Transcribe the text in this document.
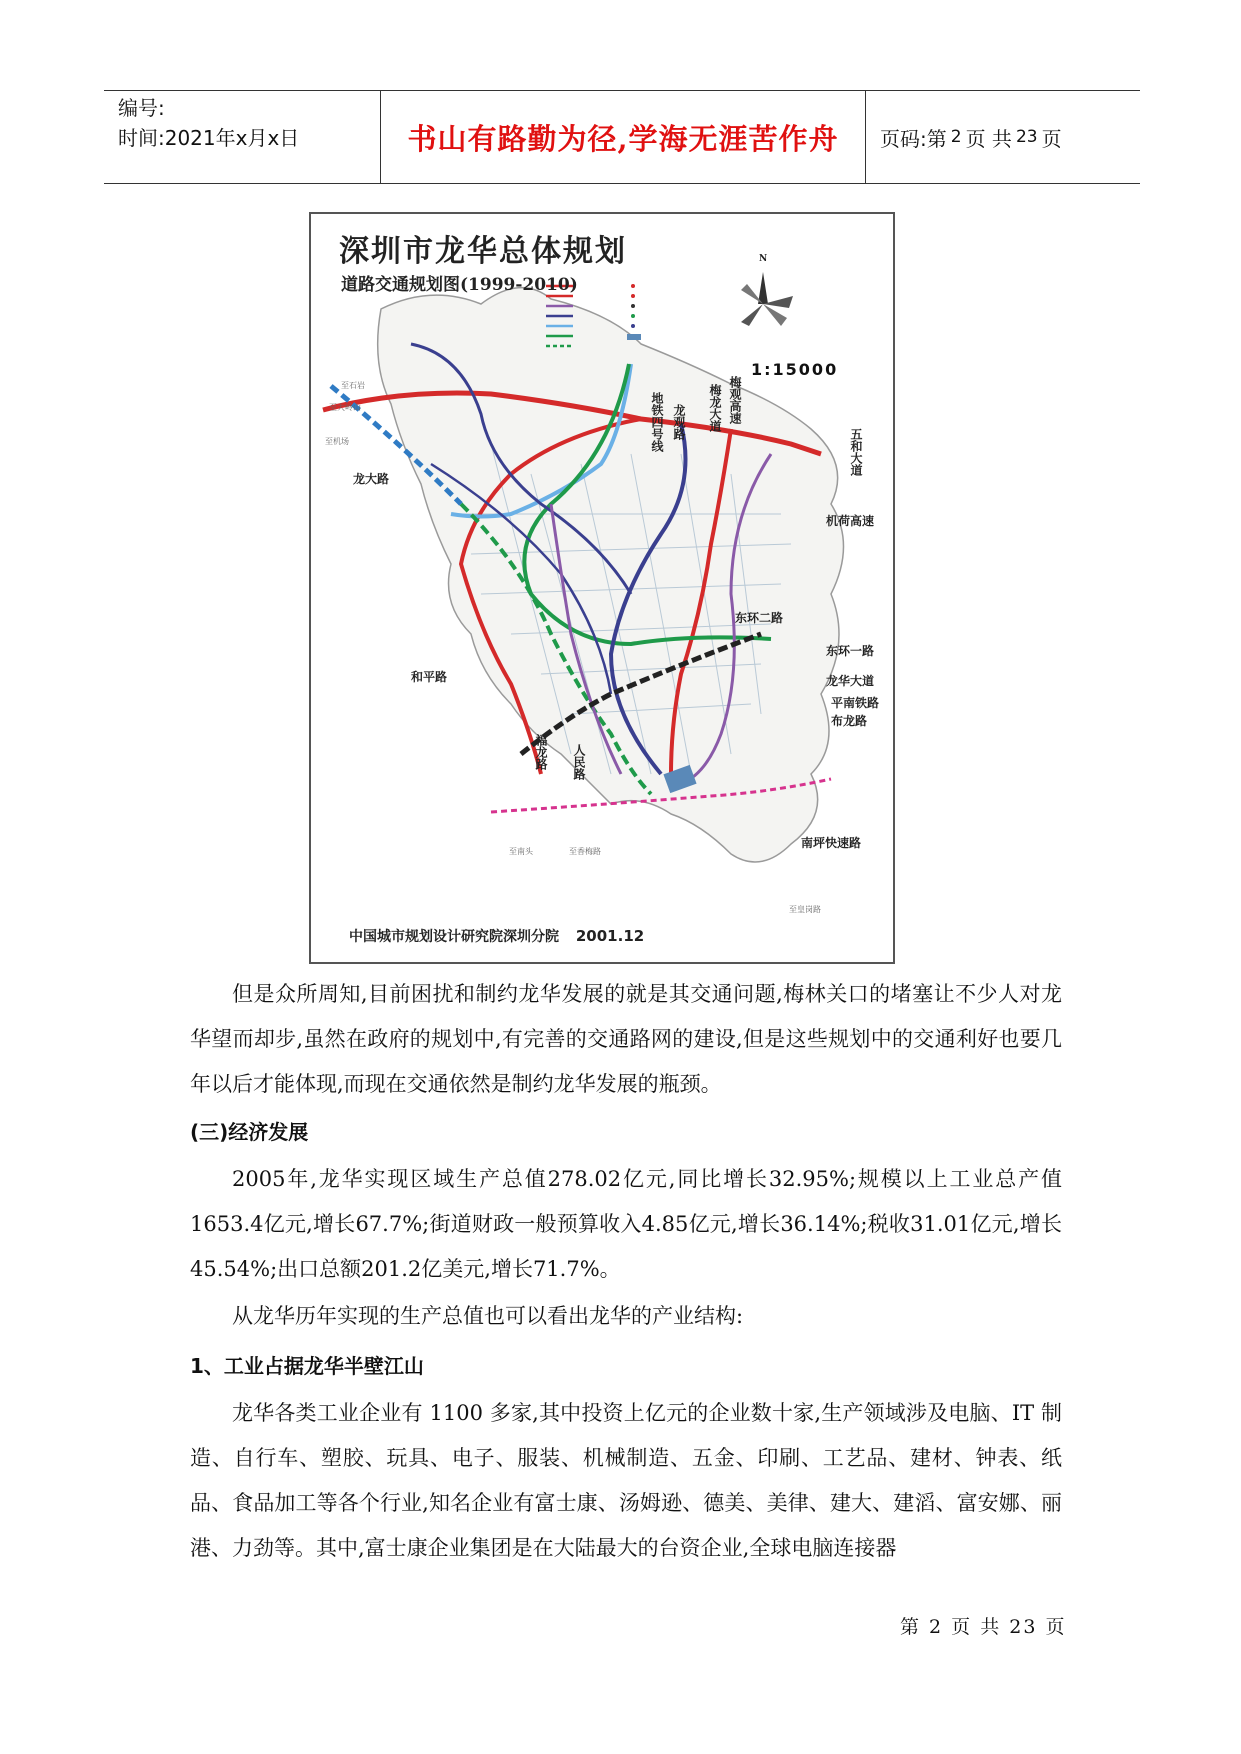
编号:
时间:2021年x月x日	书山有路勤为径,学海无涯苦作舟	页码:第 2 页 共 23 页
深圳市龙华总体规划
道路交通规划图(1999-2010)
N
1:15000
地铁四号线 龙观路 梅龙大道 梅观高速
五和大道
龙大路
机荷高速
东环二路
东环一路
龙华大道
平南铁路
布龙路
和平路
福龙路 人民路
南坪快速路
至石岩
至大岭山
至机场
至南头	至香梅路
至皇岗路
中国城市规划设计研究院深圳分院 2001.12

但是众所周知,目前困扰和制约龙华发展的就是其交通问题,梅林关口的堵塞让不少人对龙华望而却步,虽然在政府的规划中,有完善的交通路网的建设,但是这些规划中的交通利好也要几年以后才能体现,而现在交通依然是制约龙华发展的瓶颈。

(三)经济发展

2005年,龙华实现区域生产总值278.02亿元,同比增长32.95%;规模以上工业总产值1653.4亿元,增长67.7%;街道财政一般预算收入4.85亿元,增长36.14%;税收31.01亿元,增长45.54%;出口总额201.2亿美元,增长71.7%。

从龙华历年实现的生产总值也可以看出龙华的产业结构:

1、工业占据龙华半壁江山

龙华各类工业企业有 1100 多家,其中投资上亿元的企业数十家,生产领域涉及电脑、IT 制造、自行车、塑胶、玩具、电子、服装、机械制造、五金、印刷、工艺品、建材、钟表、纸品、食品加工等各个行业,知名企业有富士康、汤姆逊、德美、美律、建大、建滔、富安娜、丽港、力劲等。其中,富士康企业集团是在大陆最大的台资企业,全球电脑连接器

第 2 页 共 23 页
